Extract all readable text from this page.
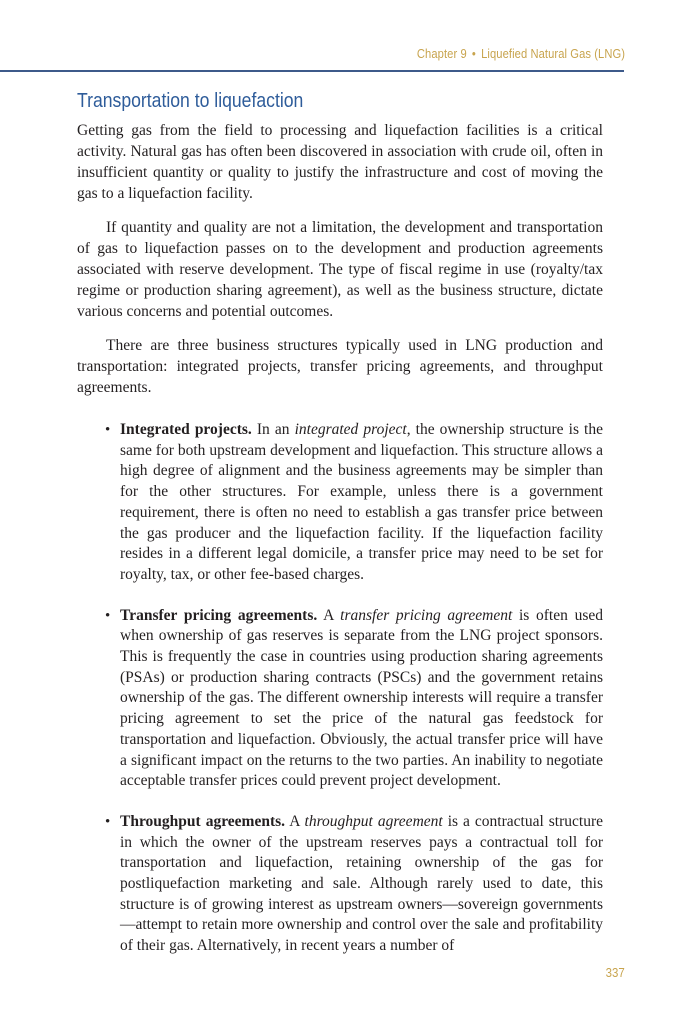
Chapter 9 • Liquefied Natural Gas (LNG)
Transportation to liquefaction

Getting gas from the field to processing and liquefaction facilities is a critical activity. Natural gas has often been discovered in association with crude oil, often in insufficient quantity or quality to justify the infrastructure and cost of moving the gas to a liquefaction facility.

If quantity and quality are not a limitation, the development and transportation of gas to liquefaction passes on to the development and production agreements associated with reserve development. The type of fiscal regime in use (royalty/tax regime or production sharing agreement), as well as the business structure, dictate various concerns and potential outcomes.

There are three business structures typically used in LNG production and transportation: integrated projects, transfer pricing agreements, and throughput agreements.

• Integrated projects. In an integrated project, the ownership structure is the same for both upstream development and liquefaction. This structure allows a high degree of alignment and the business agreements may be simpler than for the other structures. For example, unless there is a government requirement, there is often no need to establish a gas transfer price between the gas producer and the liquefaction facility. If the liquefaction facility resides in a different legal domicile, a transfer price may need to be set for royalty, tax, or other fee-based charges.
• Transfer pricing agreements. A transfer pricing agreement is often used when ownership of gas reserves is separate from the LNG project sponsors. This is frequently the case in countries using production sharing agreements (PSAs) or production sharing contracts (PSCs) and the government retains ownership of the gas. The different ownership interests will require a transfer pricing agreement to set the price of the natural gas feedstock for transportation and liquefaction. Obviously, the actual transfer price will have a significant impact on the returns to the two parties. An inability to negotiate acceptable transfer prices could prevent project development.
• Throughput agreements. A throughput agreement is a contractual structure in which the owner of the upstream reserves pays a contractual toll for transportation and liquefaction, retaining ownership of the gas for postliquefaction marketing and sale. Although rarely used to date, this structure is of growing interest as upstream owners—sovereign governments—attempt to retain more ownership and control over the sale and profitability of their gas. Alternatively, in recent years a number of
337
